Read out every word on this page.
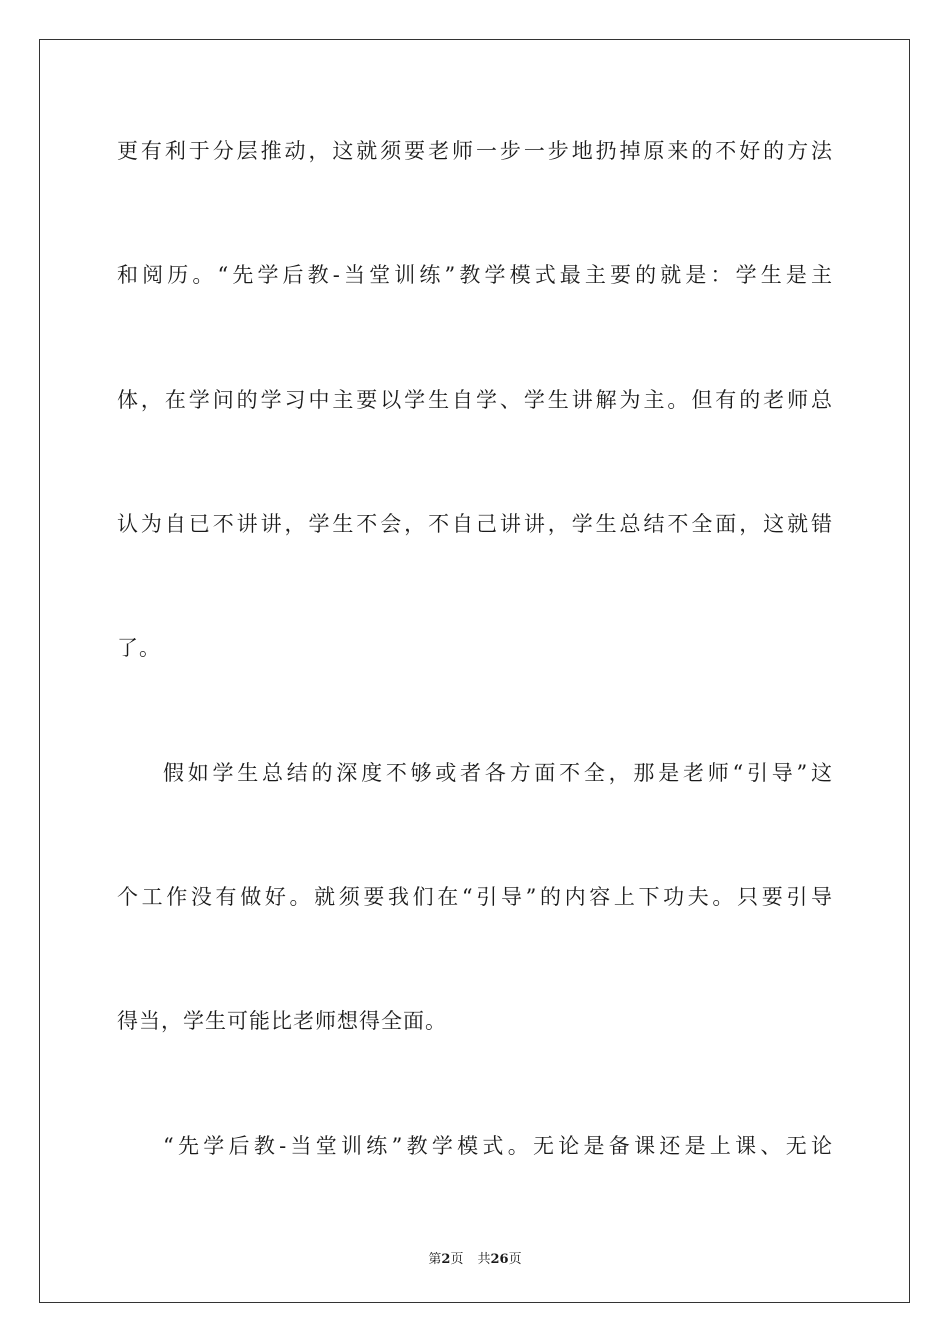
更有利于分层推动，这就须要老师一步一步地扔掉原来的不好的方法
和阅历。“先学后教-当堂训练”教学模式最主要的就是：学生是主
体，在学问的学习中主要以学生自学、学生讲解为主。但有的老师总
认为自已不讲讲，学生不会，不自己讲讲，学生总结不全面，这就错
了。
假如学生总结的深度不够或者各方面不全，那是老师“引导”这
个工作没有做好。就须要我们在“引导”的内容上下功夫。只要引导
得当，学生可能比老师想得全面。
“先学后教-当堂训练”教学模式。无论是备课还是上课、无论
第2页 共26页
